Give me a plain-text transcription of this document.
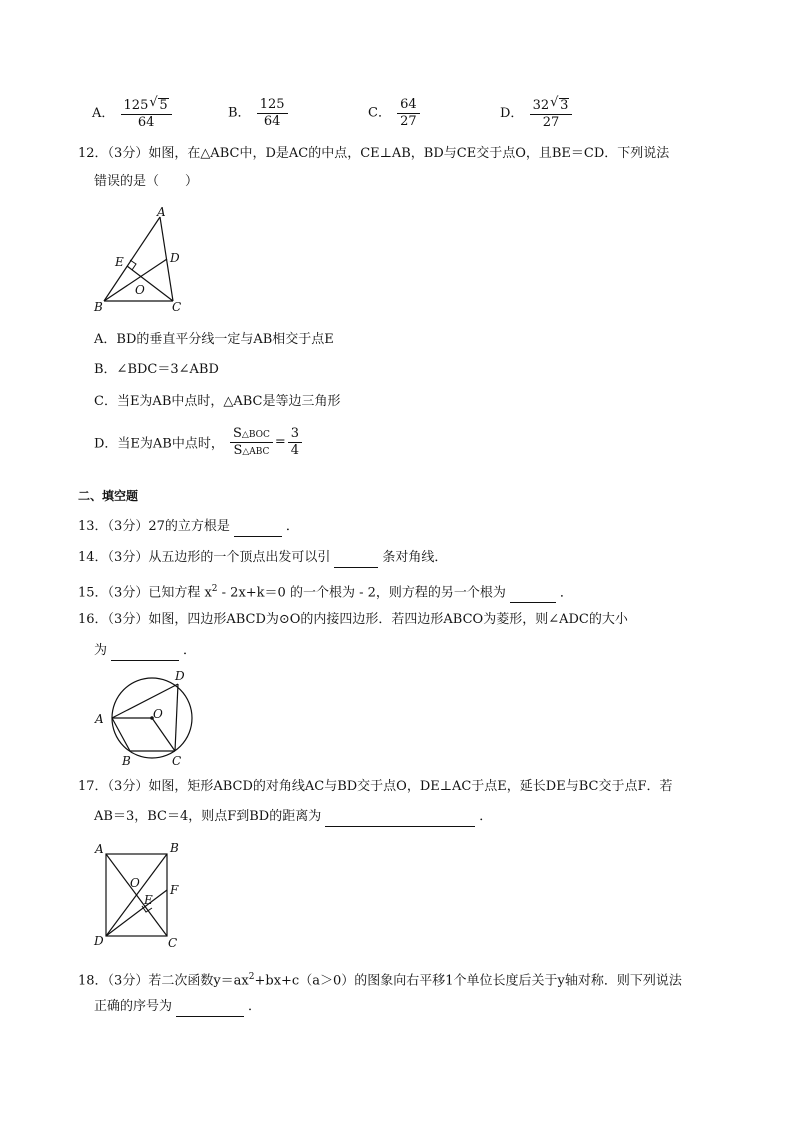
A． $\frac{125 √ 5}{64}$	B． $\frac{125}{64}$	C． $\frac{64}{27}$	D． $\frac{32 √ 3}{27}$
12．（3分）如图，在△ABC中，D是AC的中点，CE⊥AB，BD与CE交于点O，且BE＝CD．下列说法
错误的是（　　）
A
E	D
O
B	C
A．BD的垂直平分线一定与AB相交于点E
B．∠BDC＝3∠ABD
C．当E为AB中点时，△ABC是等边三角形
D．当E为AB中点时， $\frac{\text{S△BOC}}{\text{S△ABC}} = \frac{3}{4}$
二、填空题
13．（3分）27的立方根是	．
14．（3分）从五边形的一个顶点出发可以引	条对角线．
15．（3分）已知方程 $x^2 - 2x+k=0$ 的一个根为 - 2，则方程的另一个根为	．
16．（3分）如图，四边形ABCD为⊙O的内接四边形．若四边形ABCO为菱形，则∠ADC的大小
为	．
D
A	O
B	C
17．（3分）如图，矩形ABCD的对角线AC与BD交于点O，DE⊥AC于点E，延长DE与BC交于点F．若
AB＝3，BC＝4，则点F到BD的距离为	．
A	B
O
E
F
D	C
18．（3分）若二次函数$y=ax^2+bx+c(a>0)$的图象向右平移1个单位长度后关于y轴对称．则下列说法
正确的序号为	．
